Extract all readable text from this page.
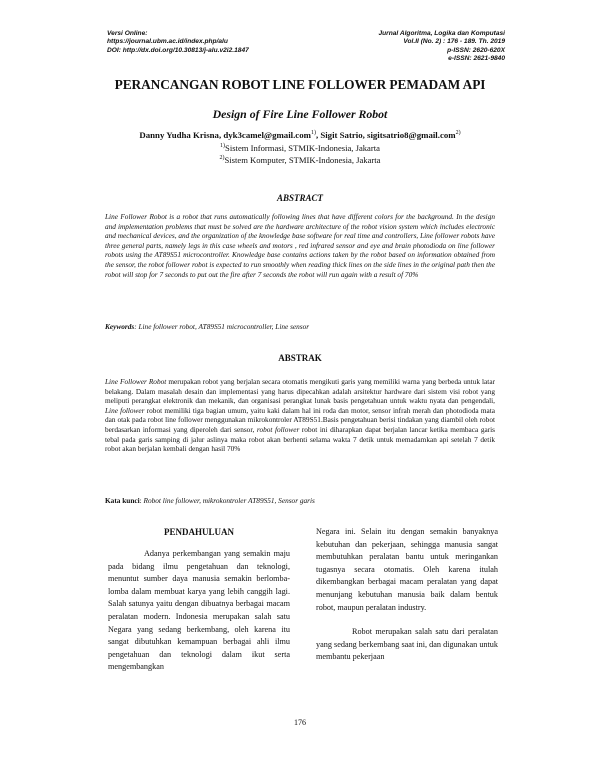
Versi Online:
https://journal.ubm.ac.id/index.php/alu
DOI: http://dx.doi.org/10.30813/j-alu.v2i2.1847
Jurnal Algoritma, Logika dan Komputasi
Vol.II (No. 2) : 176 - 189. Th. 2019
p-ISSN: 2620-620X
e-ISSN: 2621-9840
PERANCANGAN ROBOT LINE FOLLOWER PEMADAM API
Design of Fire Line Follower Robot
Danny Yudha Krisna, dyk3camel@gmail.com$^{1)}$, Sigit Satrio, sigitsatrio8@gmail.com$^{2)}$
$^{1)}$Sistem Informasi, STMIK-Indonesia, Jakarta
$^{2)}$Sistem Komputer, STMIK-Indonesia, Jakarta
ABSTRACT
Line Follower Robot is a robot that runs automatically following lines that have different colors for the background. In the design and implementation problems that must be solved are the hardware architecture of the robot vision system which includes electronic and mechanical devices, and the organization of the knowledge base software for real time and controllers, Line follower robots have three general parts, namely legs in this case wheels and motors , red infrared sensor and eye and brain photodioda on line follower robots using the AT89S51 microcontroller. Knowledge base contains actions taken by the robot based on information obtained from the sensor, the robot follower robot is expected to run smoothly when reading thick lines on the side lines in the original path then the robot will stop for 7 seconds to put out the fire after 7 seconds the robot will run again with a result of 70%
Keywords: Line follower robot, AT89S51 microcontroller, Line sensor
ABSTRAK
Line Follower Robot merupakan robot yang berjalan secara otomatis mengikuti garis yang memiliki warna yang berbeda untuk latar belakang. Dalam masalah desain dan implementasi yang harus dipecahkan adalah arsitektur hardware dari sistem visi robot yang meliputi perangkat elektronik dan mekanik, dan organisasi perangkat lunak basis pengetahuan untuk waktu nyata dan pengendali, Line follower robot memiliki tiga bagian umum, yaitu kaki dalam hal ini roda dan motor, sensor infrah merah dan photodioda mata dan otak pada robot line follower menggunakan mikrokontroler AT89S51.Basis pengetahuan berisi tindakan yang diambil oleh robot berdasarkan informasi yang diperoleh dari sensor, robot follower robot ini diharapkan dapat berjalan lancar ketika membaca garis tebal pada garis samping di jalur aslinya maka robot akan berhenti selama wakta 7 detik untuk memadamkan api setelah 7 detik robot akan berjalan kembali dengan hasil 70%
Kata kunci: Robot line follower, mikrokontroler AT89S51, Sensor garis
PENDAHULUAN

Adanya perkembangan yang semakin maju pada bidang ilmu pengetahuan dan teknologi, menuntut sumber daya manusia semakin berlomba-lomba dalam membuat karya yang lebih canggih lagi. Salah satunya yaitu dengan dibuatnya berbagai macam peralatan modern. Indonesia merupakan salah satu Negara yang sedang berkembang, oleh karena itu sangat dibutuhkan kemampuan berbagai ahli ilmu pengetahuan dan teknologi dalam ikut serta mengembangkan

Negara ini. Selain itu dengan semakin banyaknya kebutuhan dan pekerjaan, sehingga manusia sangat membutuhkan peralatan bantu untuk meringankan tugasnya secara otomatis. Oleh karena itulah dikembangkan berbagai macam peralatan yang dapat menunjang kebutuhan manusia baik dalam bentuk robot, maupun peralatan industry.

Robot merupakan salah satu dari peralatan yang sedang berkembang saat ini, dan digunakan untuk membantu pekerjaan

176
